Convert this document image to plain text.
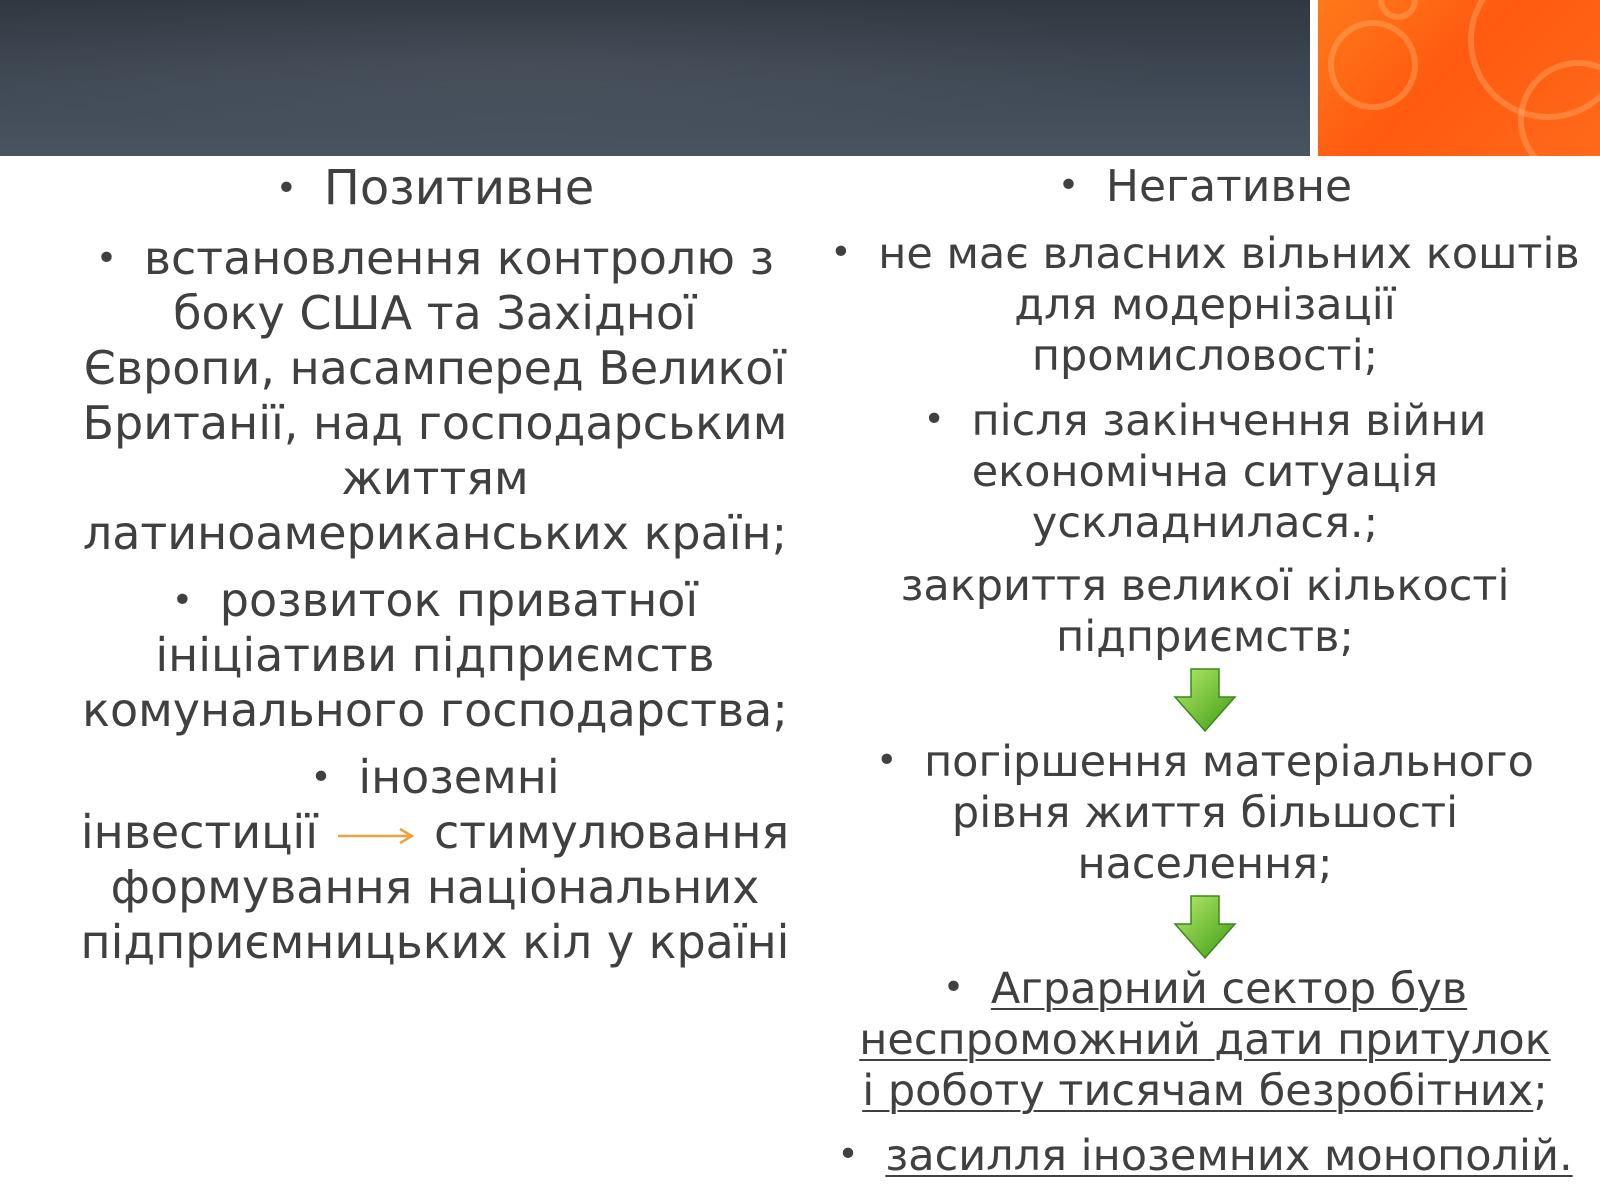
• Позитивне
• встановлення контролю з
боку США та Західної
Європи, насамперед Великої
Британії, над господарським
життям
латиноамериканських країн;
• розвиток приватної
ініціативи підприємств
комунального господарства;
• іноземні
інвестиції	стимулювання
формування національних
підприємницьких кіл у країні
• Негативне
• не має власних вільних коштів
для модернізації
промисловості;
• після закінчення війни
економічна ситуація
ускладнилася.;
закриття великої кількості
підприємств;
• погіршення матеріального
рівня життя більшості
населення;
• Аграрний сектор був
неспроможний дати притулок
і роботу тисячам безробітних;
• засилля іноземних монополій.
